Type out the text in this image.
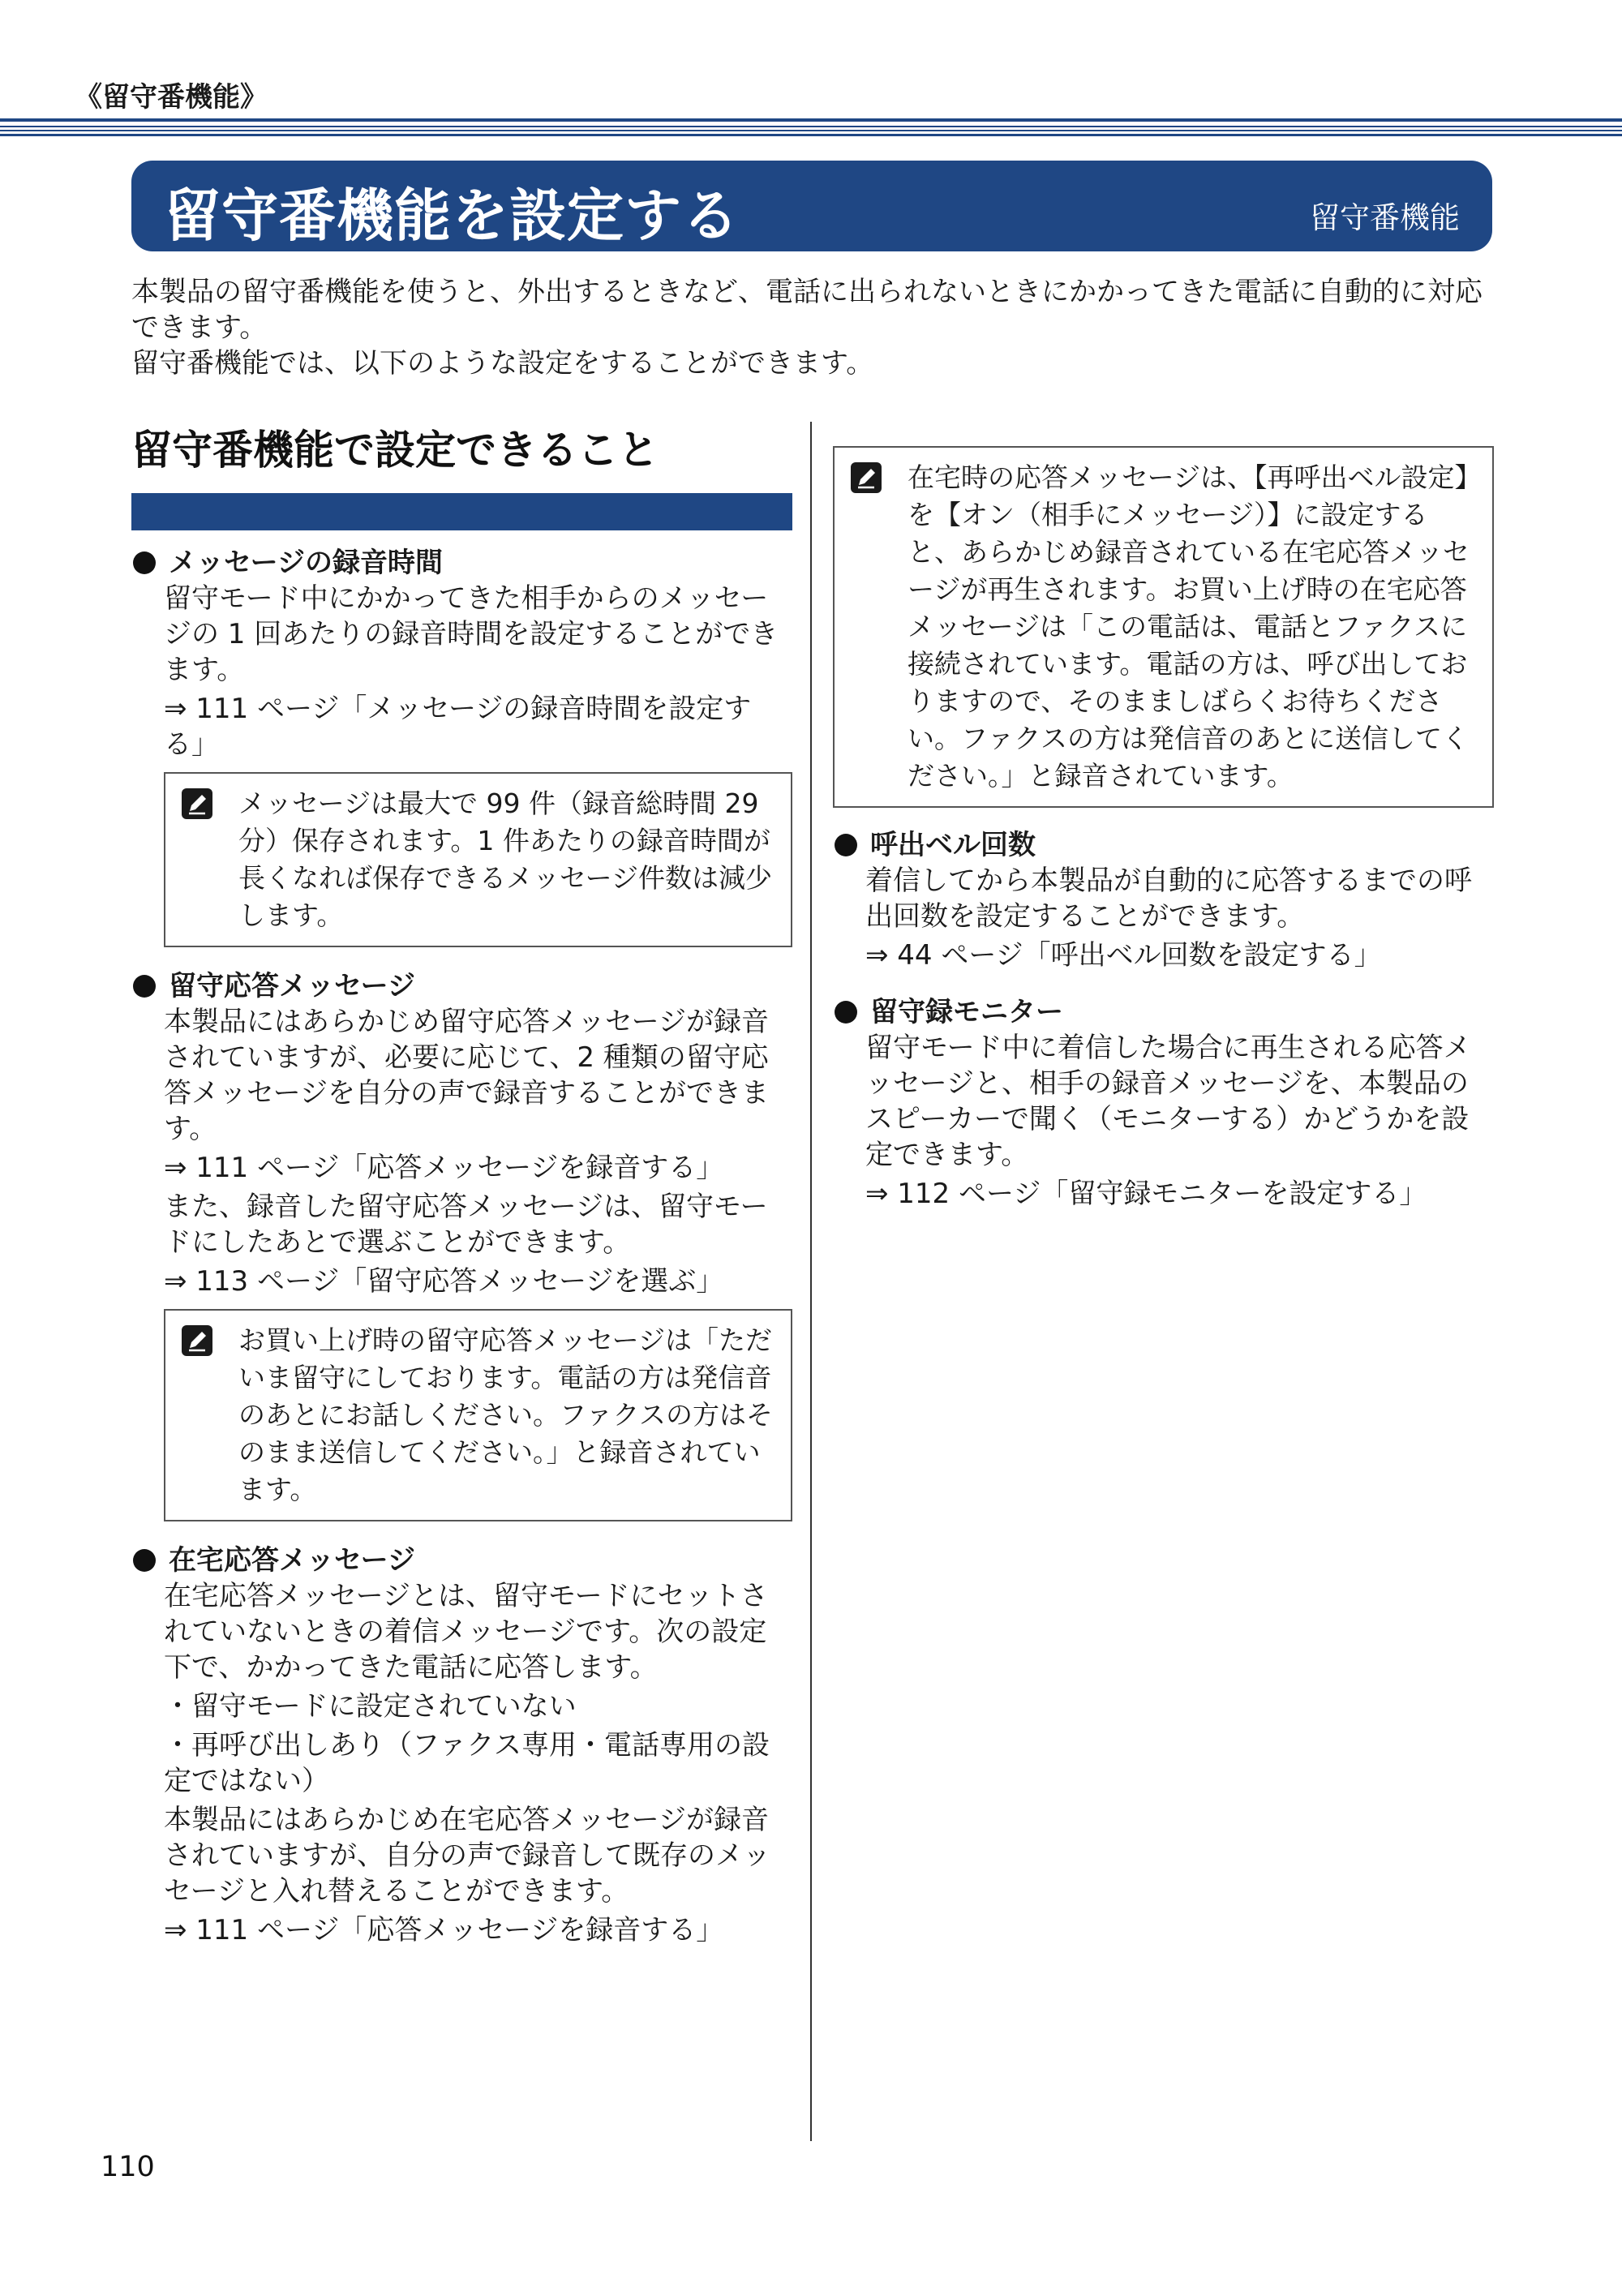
《留守番機能》
留守番機能を設定する	留守番機能

本製品の留守番機能を使うと、外出するときなど、電話に出られないときにかかってきた電話に自動的に対応できます。

留守番機能では、以下のような設定をすることができます。

留守番機能で設定できること
メッセージの録音時間

留守モード中にかかってきた相手からのメッセージの 1 回あたりの録音時間を設定することができます。

⇒ 111 ページ「メッセージの録音時間を設定する」

メッセージは最大で 99 件（録音総時間 29 分）保存されます。1 件あたりの録音時間が長くなれば保存できるメッセージ件数は減少します。

留守応答メッセージ

本製品にはあらかじめ留守応答メッセージが録音されていますが、必要に応じて、2 種類の留守応答メッセージを自分の声で録音することができます。

⇒ 111 ページ「応答メッセージを録音する」

また、録音した留守応答メッセージは、留守モードにしたあとで選ぶことができます。

⇒ 113 ページ「留守応答メッセージを選ぶ」

お買い上げ時の留守応答メッセージは「ただいま留守にしております。電話の方は発信音のあとにお話しください。ファクスの方はそのまま送信してください。」と録音されています。

在宅応答メッセージ

在宅応答メッセージとは、留守モードにセットされていないときの着信メッセージです。次の設定下で、かかってきた電話に応答します。

・留守モードに設定されていない

・再呼び出しあり（ファクス専用・電話専用の設定ではない）

本製品にはあらかじめ在宅応答メッセージが録音されていますが、自分の声で録音して既存のメッセージと入れ替えることができます。

⇒ 111 ページ「応答メッセージを録音する」

在宅時の応答メッセージは、【再呼出ベル設定】を【オン（相手にメッセージ）】に設定すると、あらかじめ録音されている在宅応答メッセージが再生されます。お買い上げ時の在宅応答メッセージは「この電話は、電話とファクスに接続されています。電話の方は、呼び出しておりますので、そのまましばらくお待ちください。ファクスの方は発信音のあとに送信してください。」と録音されています。

呼出ベル回数

着信してから本製品が自動的に応答するまでの呼出回数を設定することができます。

⇒ 44 ページ「呼出ベル回数を設定する」

留守録モニター

留守モード中に着信した場合に再生される応答メッセージと、相手の録音メッセージを、本製品のスピーカーで聞く（モニターする）かどうかを設定できます。

⇒ 112 ページ「留守録モニターを設定する」

110
